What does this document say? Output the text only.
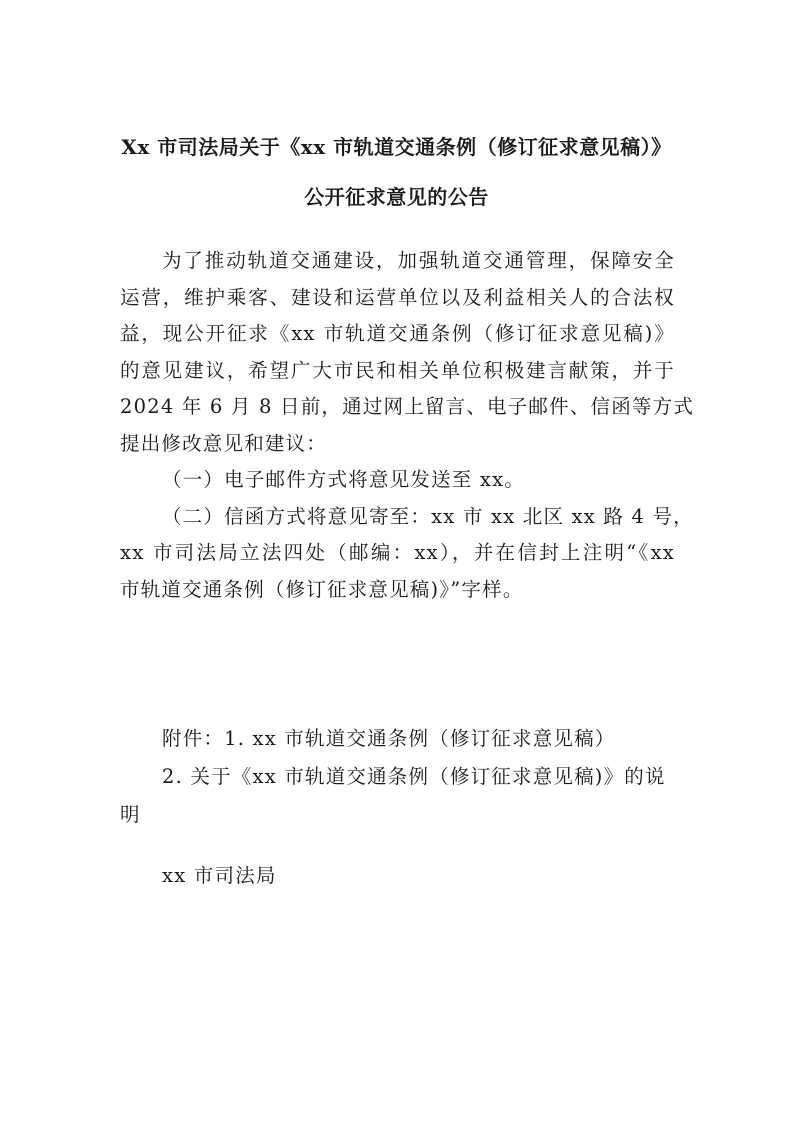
Xx 市司法局关于《xx 市轨道交通条例（修订征求意见稿）》
公开征求意见的公告
为了推动轨道交通建设，加强轨道交通管理，保障安全
运营，维护乘客、建设和运营单位以及利益相关人的合法权
益，现公开征求《xx 市轨道交通条例（修订征求意见稿)》
的意见建议，希望广大市民和相关单位积极建言献策，并于
2024 年 6 月 8 日前，通过网上留言、电子邮件、信函等方式
提出修改意见和建议：
（一）电子邮件方式将意见发送至 xx。
（二）信函方式将意见寄至：xx 市 xx 北区 xx 路 4 号，
xx 市司法局立法四处（邮编：xx），并在信封上注明“《xx
市轨道交通条例（修订征求意见稿)》”字样。
附件：1. xx 市轨道交通条例（修订征求意见稿）
2. 关于《xx 市轨道交通条例（修订征求意见稿)》的说
明
xx 市司法局
